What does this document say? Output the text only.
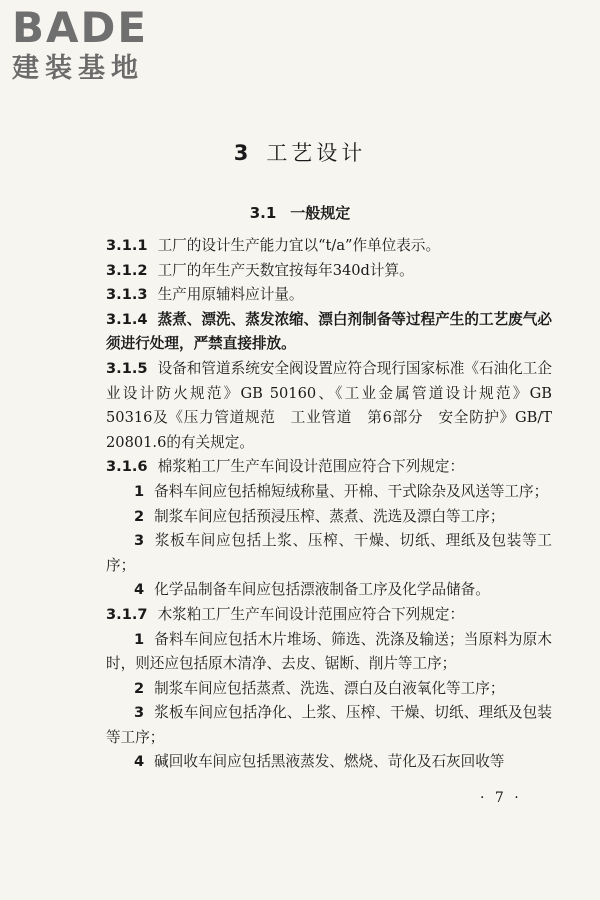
BADE
建装基地
3 工艺设计
3.1 一般规定

3.1.1 工厂的设计生产能力宜以“t/a”作单位表示。

3.1.2 工厂的年生产天数宜按每年340d计算。

3.1.3 生产用原辅料应计量。

3.1.4 蒸煮、漂洗、蒸发浓缩、漂白剂制备等过程产生的工艺废气必须进行处理，严禁直接排放。

3.1.5 设备和管道系统安全阀设置应符合现行国家标准《石油化工企业设计防火规范》GB 50160、《工业金属管道设计规范》GB 50316及《压力管道规范　工业管道　第6部分　安全防护》GB/T 20801.6的有关规定。

3.1.6 棉浆粕工厂生产车间设计范围应符合下列规定：

1 备料车间应包括棉短绒称量、开棉、干式除杂及风送等工序；

2 制浆车间应包括预浸压榨、蒸煮、洗选及漂白等工序；

3 浆板车间应包括上浆、压榨、干燥、切纸、理纸及包装等工序；

4 化学品制备车间应包括漂液制备工序及化学品储备。

3.1.7 木浆粕工厂生产车间设计范围应符合下列规定：

1 备料车间应包括木片堆场、筛选、洗涤及输送；当原料为原木时，则还应包括原木清净、去皮、锯断、削片等工序；

2 制浆车间应包括蒸煮、洗选、漂白及白液氧化等工序；

3 浆板车间应包括净化、上浆、压榨、干燥、切纸、理纸及包装等工序；

4 碱回收车间应包括黑液蒸发、燃烧、苛化及石灰回收等

· 7 ·
